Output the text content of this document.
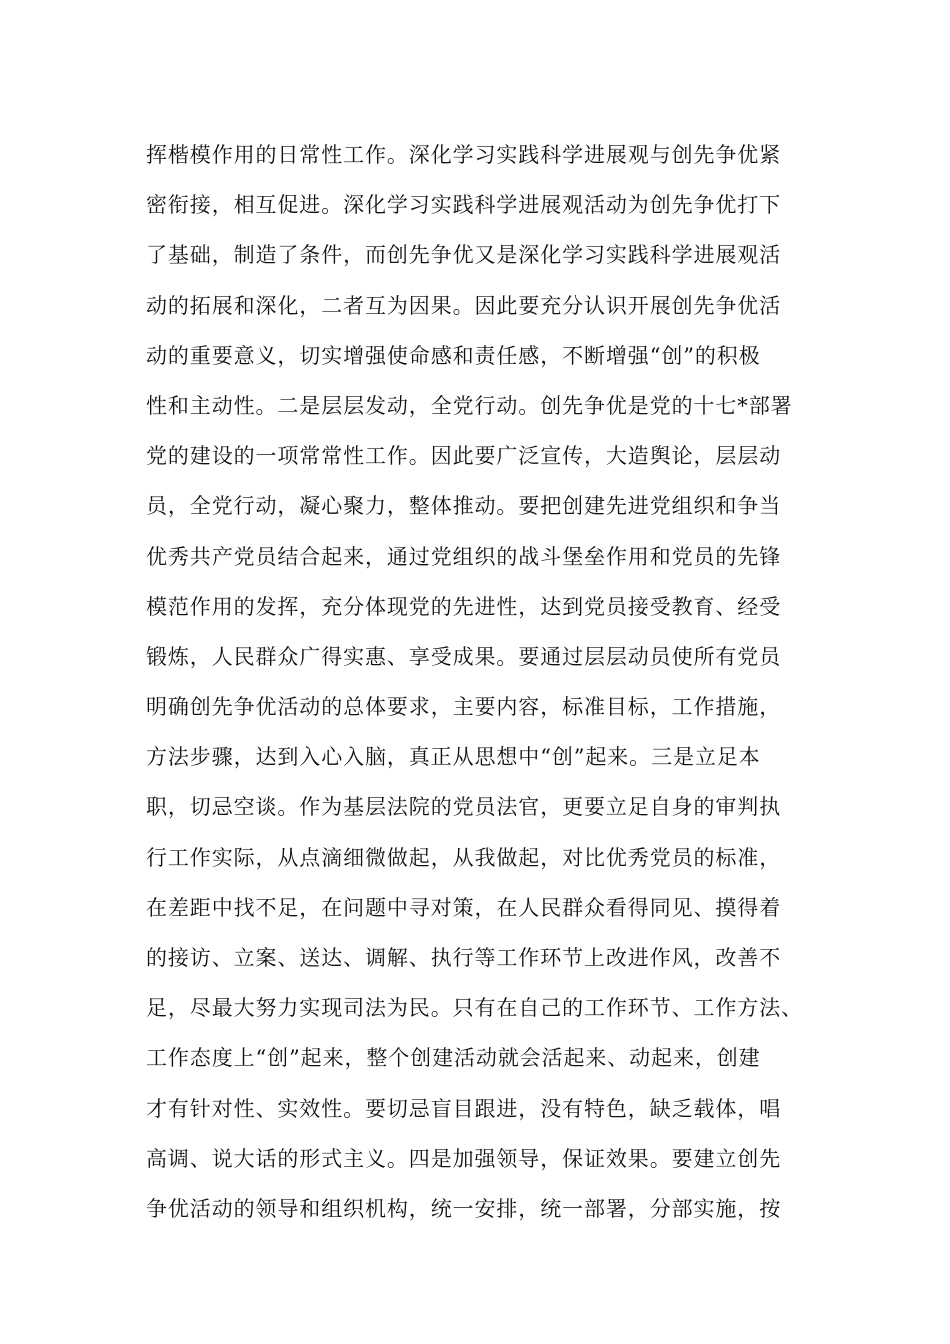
挥楷模作用的日常性工作。深化学习实践科学进展观与创先争优紧
密衔接，相互促进。深化学习实践科学进展观活动为创先争优打下
了基础，制造了条件，而创先争优又是深化学习实践科学进展观活
动的拓展和深化，二者互为因果。因此要充分认识开展创先争优活
动的重要意义，切实增强使命感和责任感，不断增强“创”的积极
性和主动性。二是层层发动，全党行动。创先争优是党的十七*部署
党的建设的一项常常性工作。因此要广泛宣传，大造舆论，层层动
员，全党行动，凝心聚力，整体推动。要把创建先进党组织和争当
优秀共产党员结合起来，通过党组织的战斗堡垒作用和党员的先锋
模范作用的发挥，充分体现党的先进性，达到党员接受教育、经受
锻炼，人民群众广得实惠、享受成果。要通过层层动员使所有党员
明确创先争优活动的总体要求，主要内容，标准目标，工作措施，
方法步骤，达到入心入脑，真正从思想中“创”起来。三是立足本
职，切忌空谈。作为基层法院的党员法官，更要立足自身的审判执
行工作实际，从点滴细微做起，从我做起，对比优秀党员的标准，
在差距中找不足，在问题中寻对策，在人民群众看得同见、摸得着
的接访、立案、送达、调解、执行等工作环节上改进作风，改善不
足，尽最大努力实现司法为民。只有在自己的工作环节、工作方法、
工作态度上“创”起来，整个创建活动就会活起来、动起来，创建
才有针对性、实效性。要切忌盲目跟进，没有特色，缺乏载体，唱
高调、说大话的形式主义。四是加强领导，保证效果。要建立创先
争优活动的领导和组织机构，统一安排，统一部署，分部实施，按
